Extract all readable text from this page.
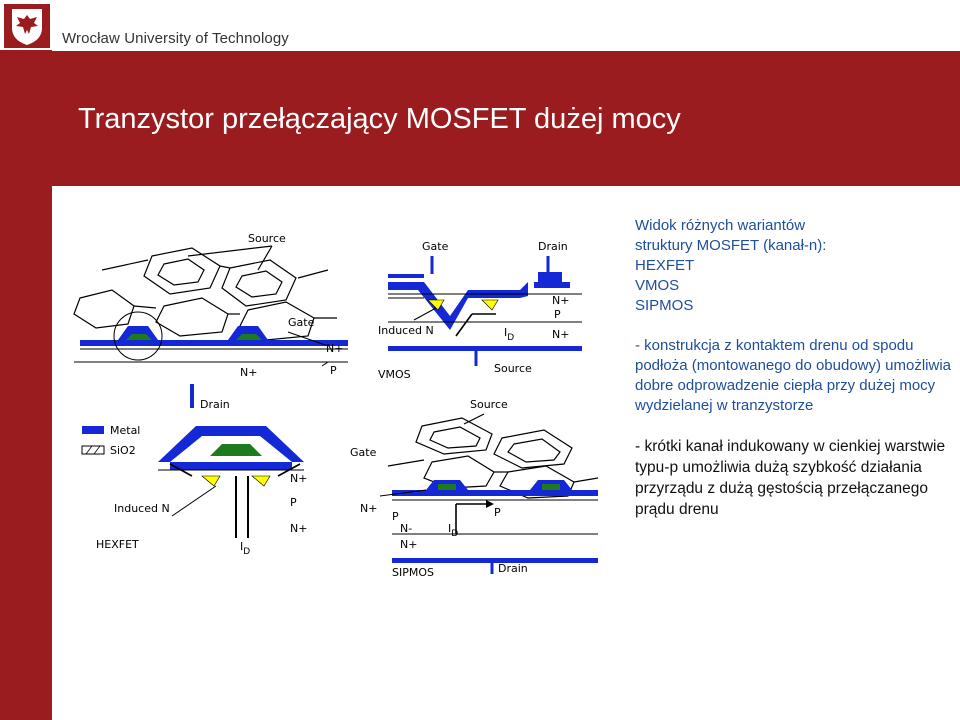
Wrocław University of Technology
Tranzystor przełączający MOSFET dużej mocy
Source
Gate
N+
N+	P
Drain
Metal
SiO2
N+
P
N+
Induced N
$I_D$
HEXFET
Gate	Drain
N+
P
N+
Induced N	$I_D$
Source
VMOS
Source
Gate
N+
P
N-
N+
$I_D$
P
Drain
SIPMOS

Widok różnych wariantów

struktury MOSFET (kanał-n):

HEXFET

VMOS

SIPMOS

- konstrukcja z kontaktem drenu od spodu podłoża (montowanego do obudowy) umożliwia dobre odprowadzenie ciepła przy dużej mocy wydzielanej w tranzystorze

- krótki kanał indukowany w cienkiej warstwie typu-p umożliwia dużą szybkość działania przyrządu z dużą gęstością przełączanego prądu drenu
